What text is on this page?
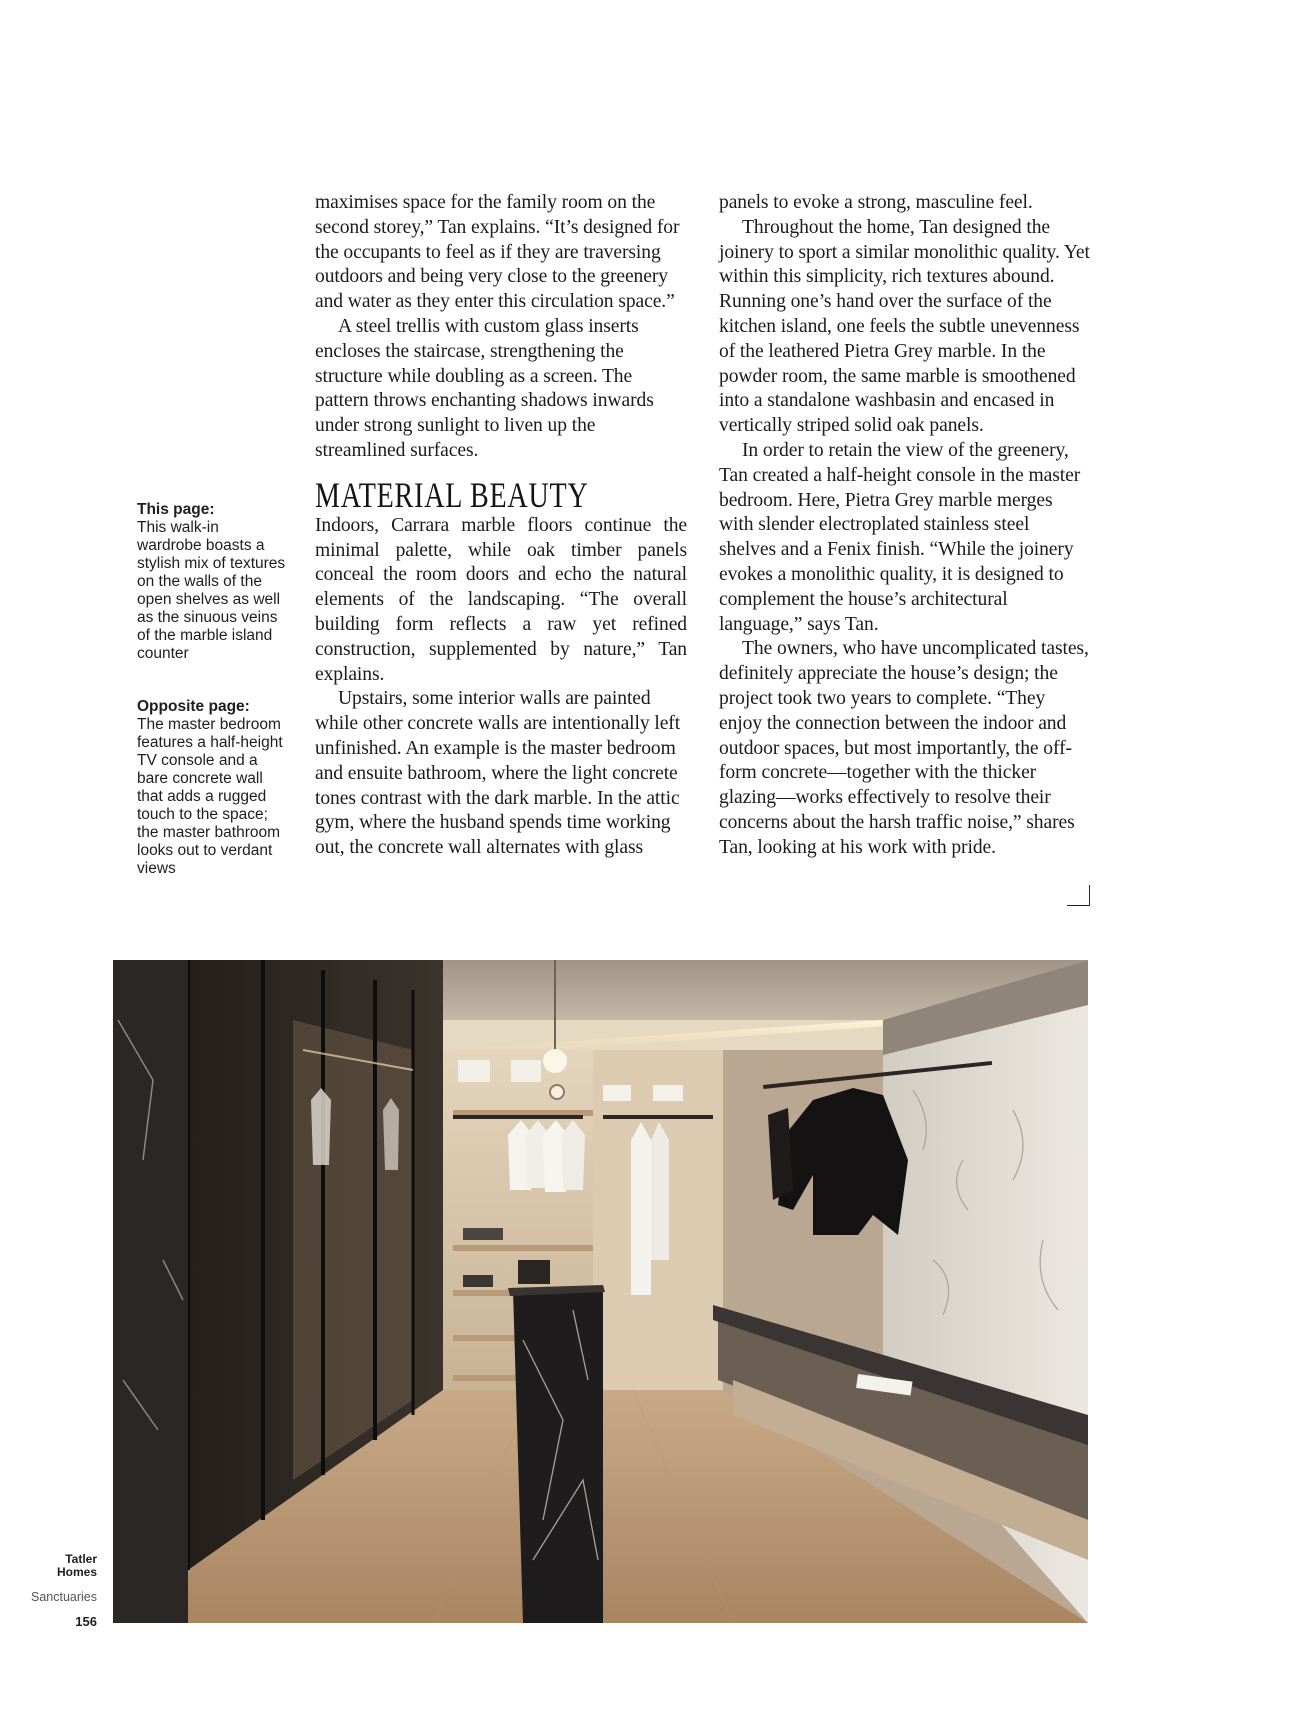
maximises space for the family room on the second storey,” Tan explains. “It’s designed for the occupants to feel as if they are traversing outdoors and being very close to the greenery and water as they enter this circulation space.”

A steel trellis with custom glass inserts encloses the staircase, strengthening the structure while doubling as a screen. The pattern throws enchanting shadows inwards under strong sunlight to liven up the streamlined surfaces.

MATERIAL BEAUTY

Indoors, Carrara marble floors continue the minimal palette, while oak timber panels conceal the room doors and echo the natural elements of the landscaping. “The overall building form reflects a raw yet refined construction, supplemented by nature,” Tan explains.

Upstairs, some interior walls are painted while other concrete walls are intentionally left unfinished. An example is the master bedroom and ensuite bathroom, where the light concrete tones contrast with the dark marble. In the attic gym, where the husband spends time working out, the concrete wall alternates with glass

panels to evoke a strong, masculine feel.

Throughout the home, Tan designed the joinery to sport a similar monolithic quality. Yet within this simplicity, rich textures abound. Running one’s hand over the surface of the kitchen island, one feels the subtle unevenness of the leathered Pietra Grey marble. In the powder room, the same marble is smoothened into a standalone washbasin and encased in vertically striped solid oak panels.

In order to retain the view of the greenery, Tan created a half-height console in the master bedroom. Here, Pietra Grey marble merges with slender electroplated stainless steel shelves and a Fenix finish. “While the joinery evokes a monolithic quality, it is designed to complement the house’s architectural language,” says Tan.

The owners, who have uncomplicated tastes, definitely appreciate the house’s design; the project took two years to complete. “They enjoy the connection between the indoor and outdoor spaces, but most importantly, the off-form concrete—together with the thicker glazing—works effectively to resolve their concerns about the harsh traffic noise,” shares Tan, looking at his work with pride.

This page:
This walk-in wardrobe boasts a stylish mix of textures on the walls of the open shelves as well as the sinuous veins of the marble island counter
Opposite page:
The master bedroom features a half-height TV console and a bare concrete wall that adds a rugged touch to the space; the master bathroom looks out to verdant views
Tatler
Homes
Sanctuaries
156
